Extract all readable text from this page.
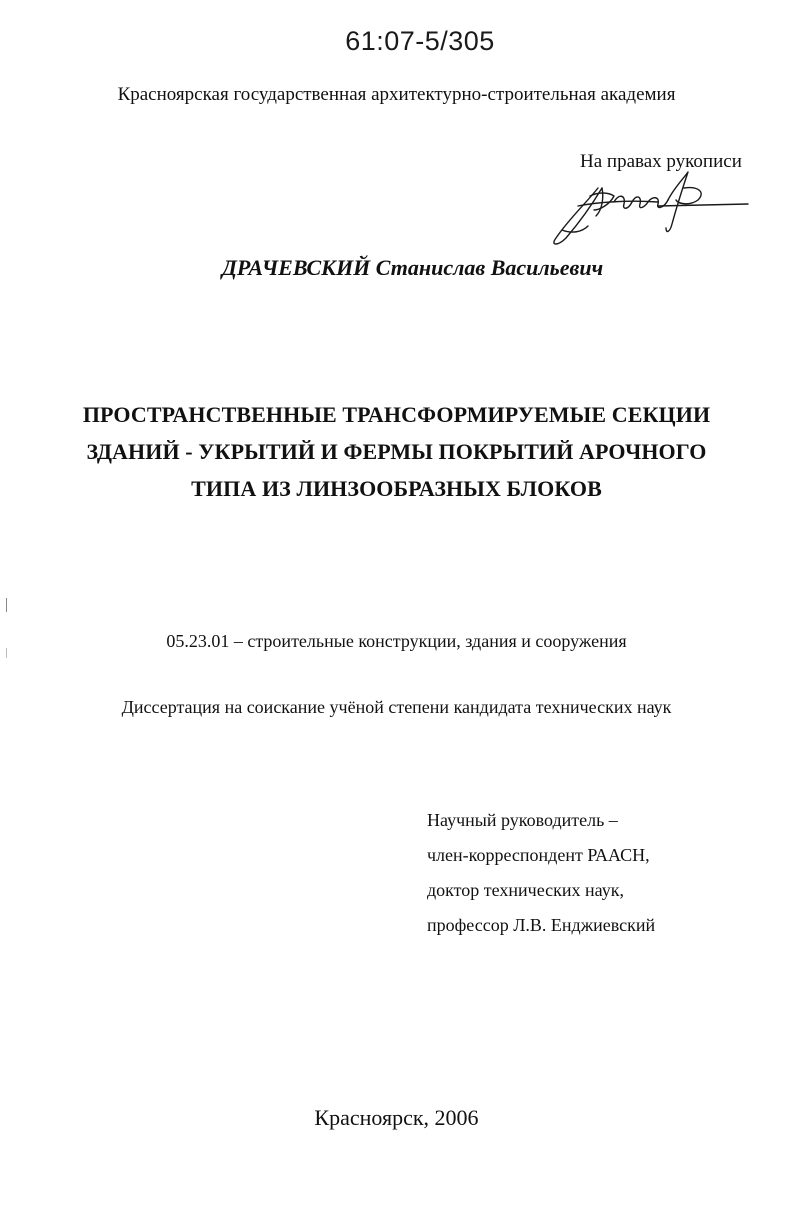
61:07-5/305
Красноярская государственная архитектурно-строительная академия
На правах рукописи
ДРАЧЕВСКИЙ Станислав Васильевич
ПРОСТРАНСТВЕННЫЕ ТРАНСФОРМИРУЕМЫЕ СЕКЦИИ
ЗДАНИЙ - УКРЫТИЙ И ФЕРМЫ ПОКРЫТИЙ АРОЧНОГО
ТИПА ИЗ ЛИНЗООБРАЗНЫХ БЛОКОВ
05.23.01 – строительные конструкции, здания и сооружения
Диссертация на соискание учёной степени кандидата технических наук
Научный руководитель –
член-корреспондент РААСН,
доктор технических наук,
профессор Л.В. Енджиевский
Красноярск, 2006
